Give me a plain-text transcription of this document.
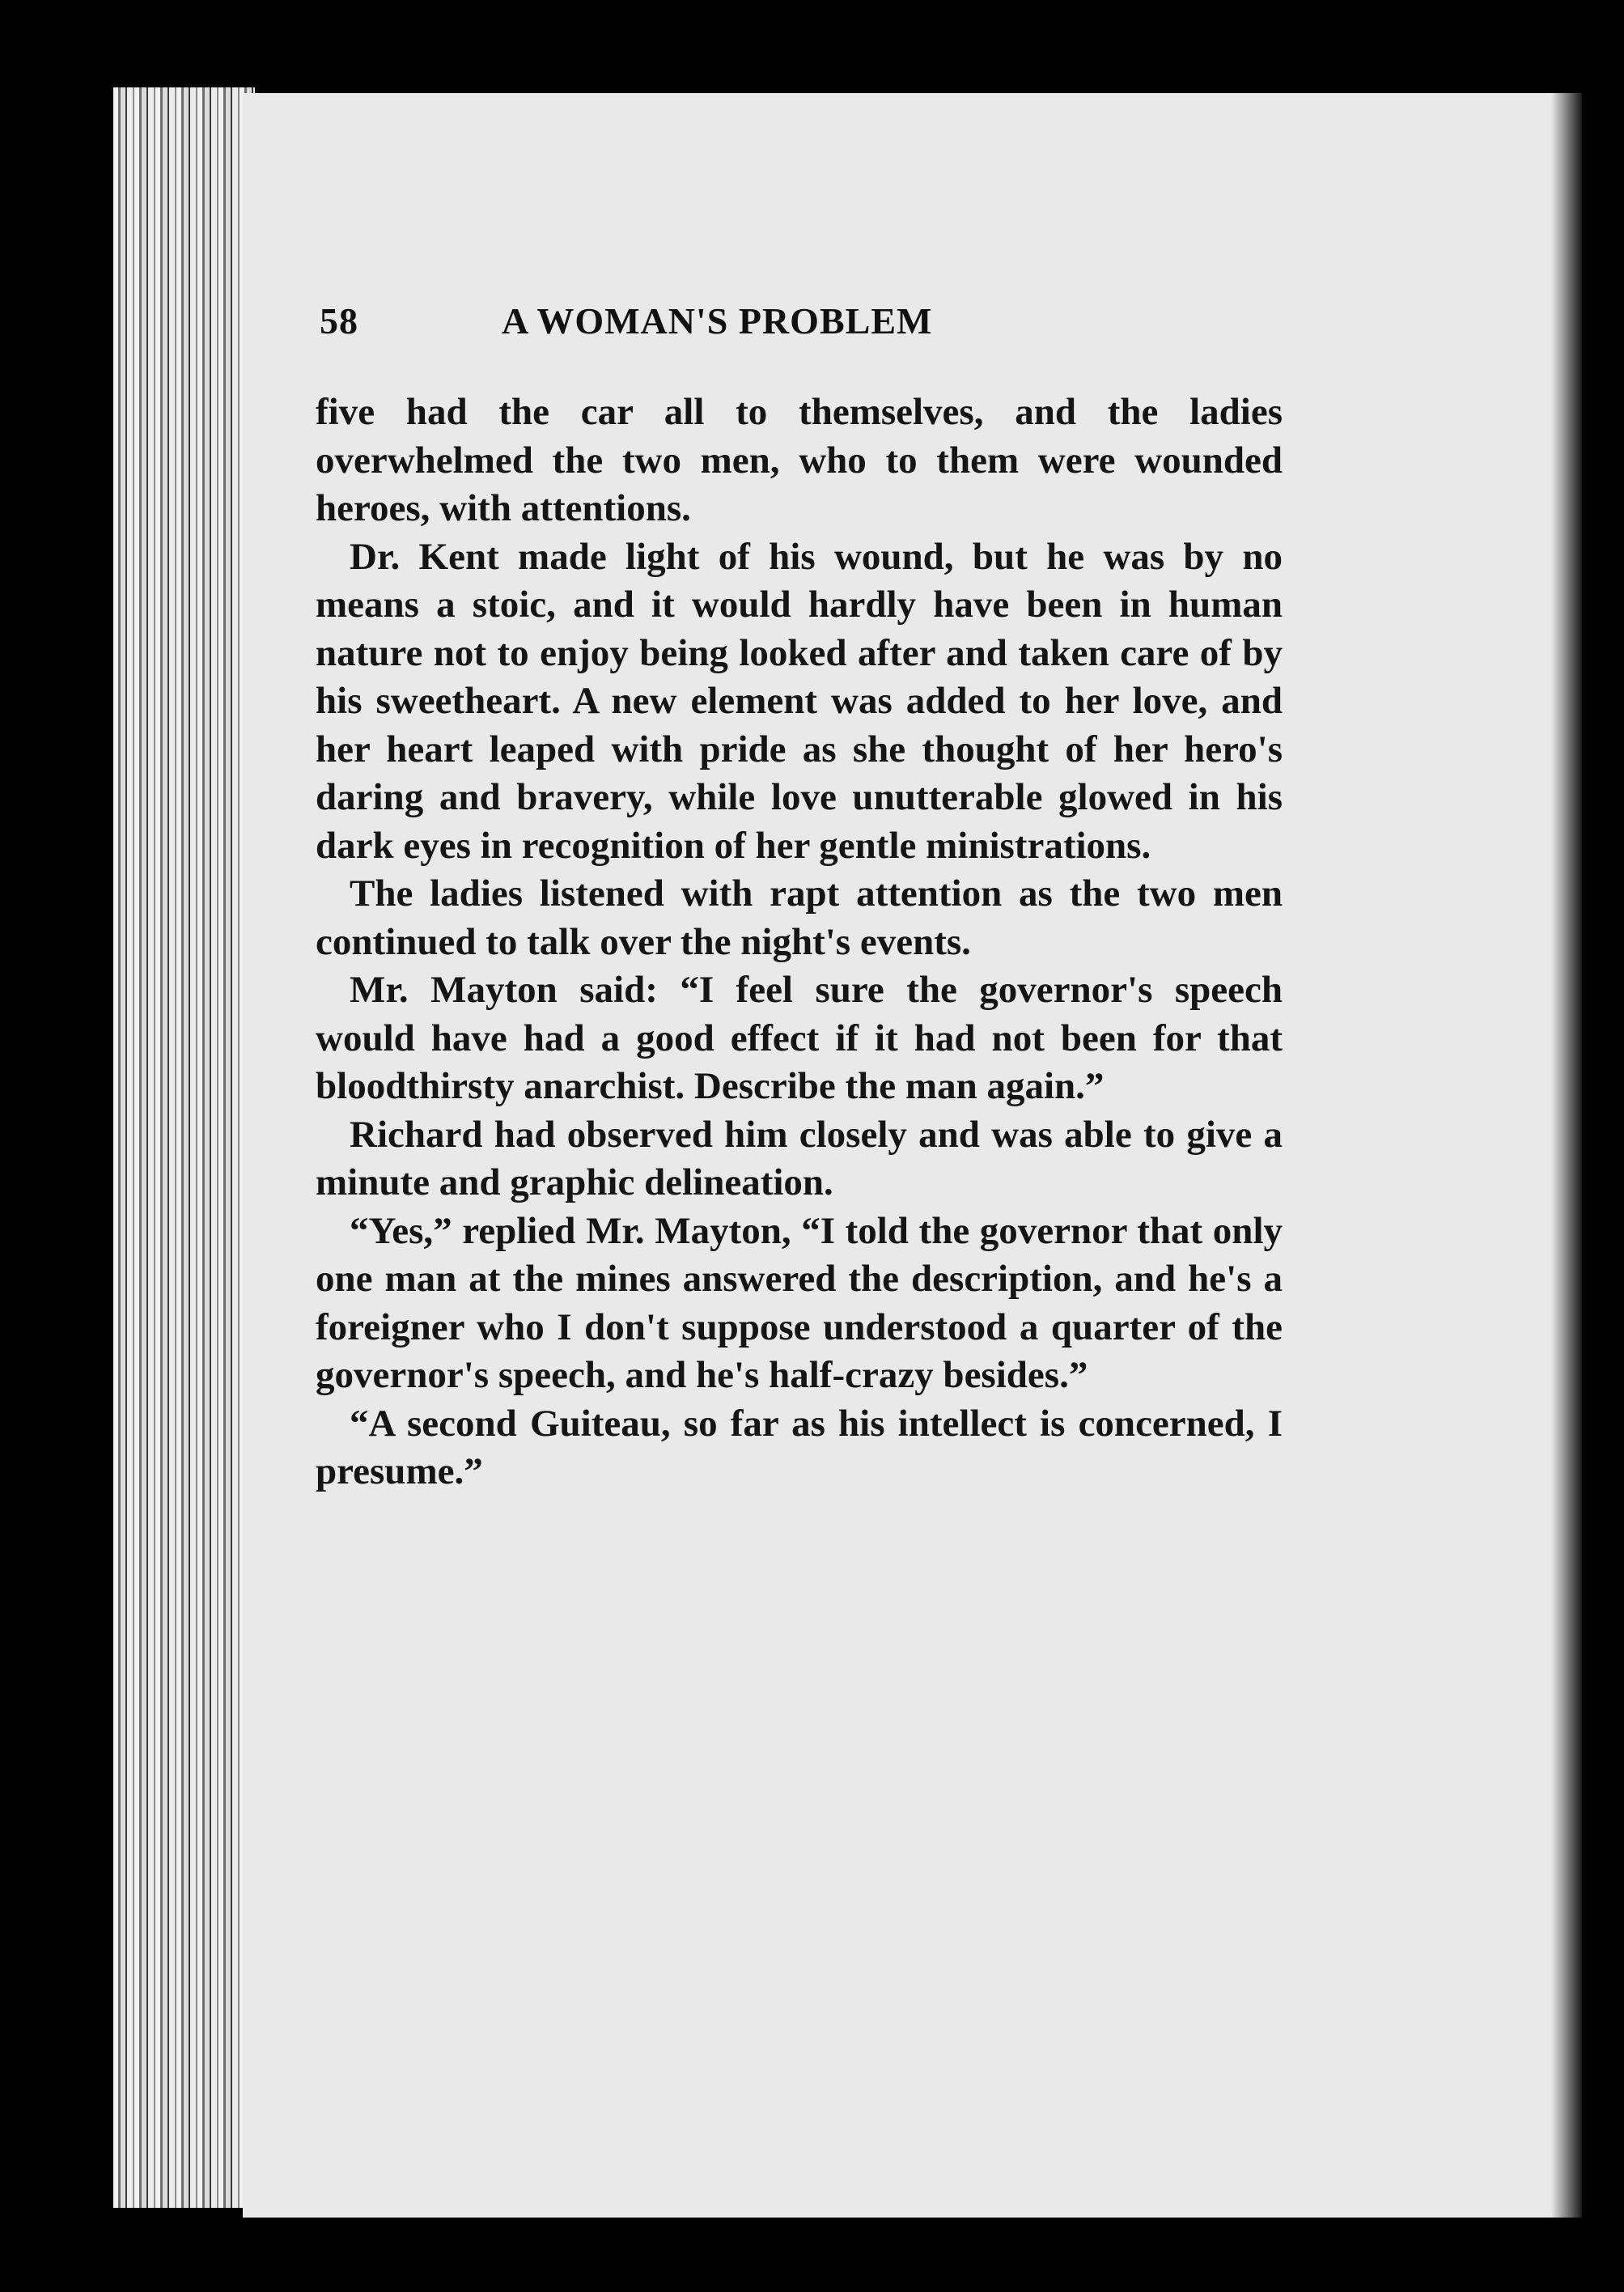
58	A WOMAN'S PROBLEM

five had the car all to themselves, and the ladies overwhelmed the two men, who to them were wounded heroes, with attentions.

Dr. Kent made light of his wound, but he was by no means a stoic, and it would hardly have been in human nature not to enjoy being looked after and taken care of by his sweetheart. A new element was added to her love, and her heart leaped with pride as she thought of her hero's daring and bravery, while love unutterable glowed in his dark eyes in recognition of her gentle ministrations.

The ladies listened with rapt attention as the two men continued to talk over the night's events.

Mr. Mayton said: “I feel sure the governor's speech would have had a good effect if it had not been for that bloodthirsty anarchist. Describe the man again.”

Richard had observed him closely and was able to give a minute and graphic delineation.

“Yes,” replied Mr. Mayton, “I told the governor that only one man at the mines answered the description, and he's a foreigner who I don't suppose understood a quarter of the governor's speech, and he's half-crazy besides.”

“A second Guiteau, so far as his intellect is concerned, I presume.”
